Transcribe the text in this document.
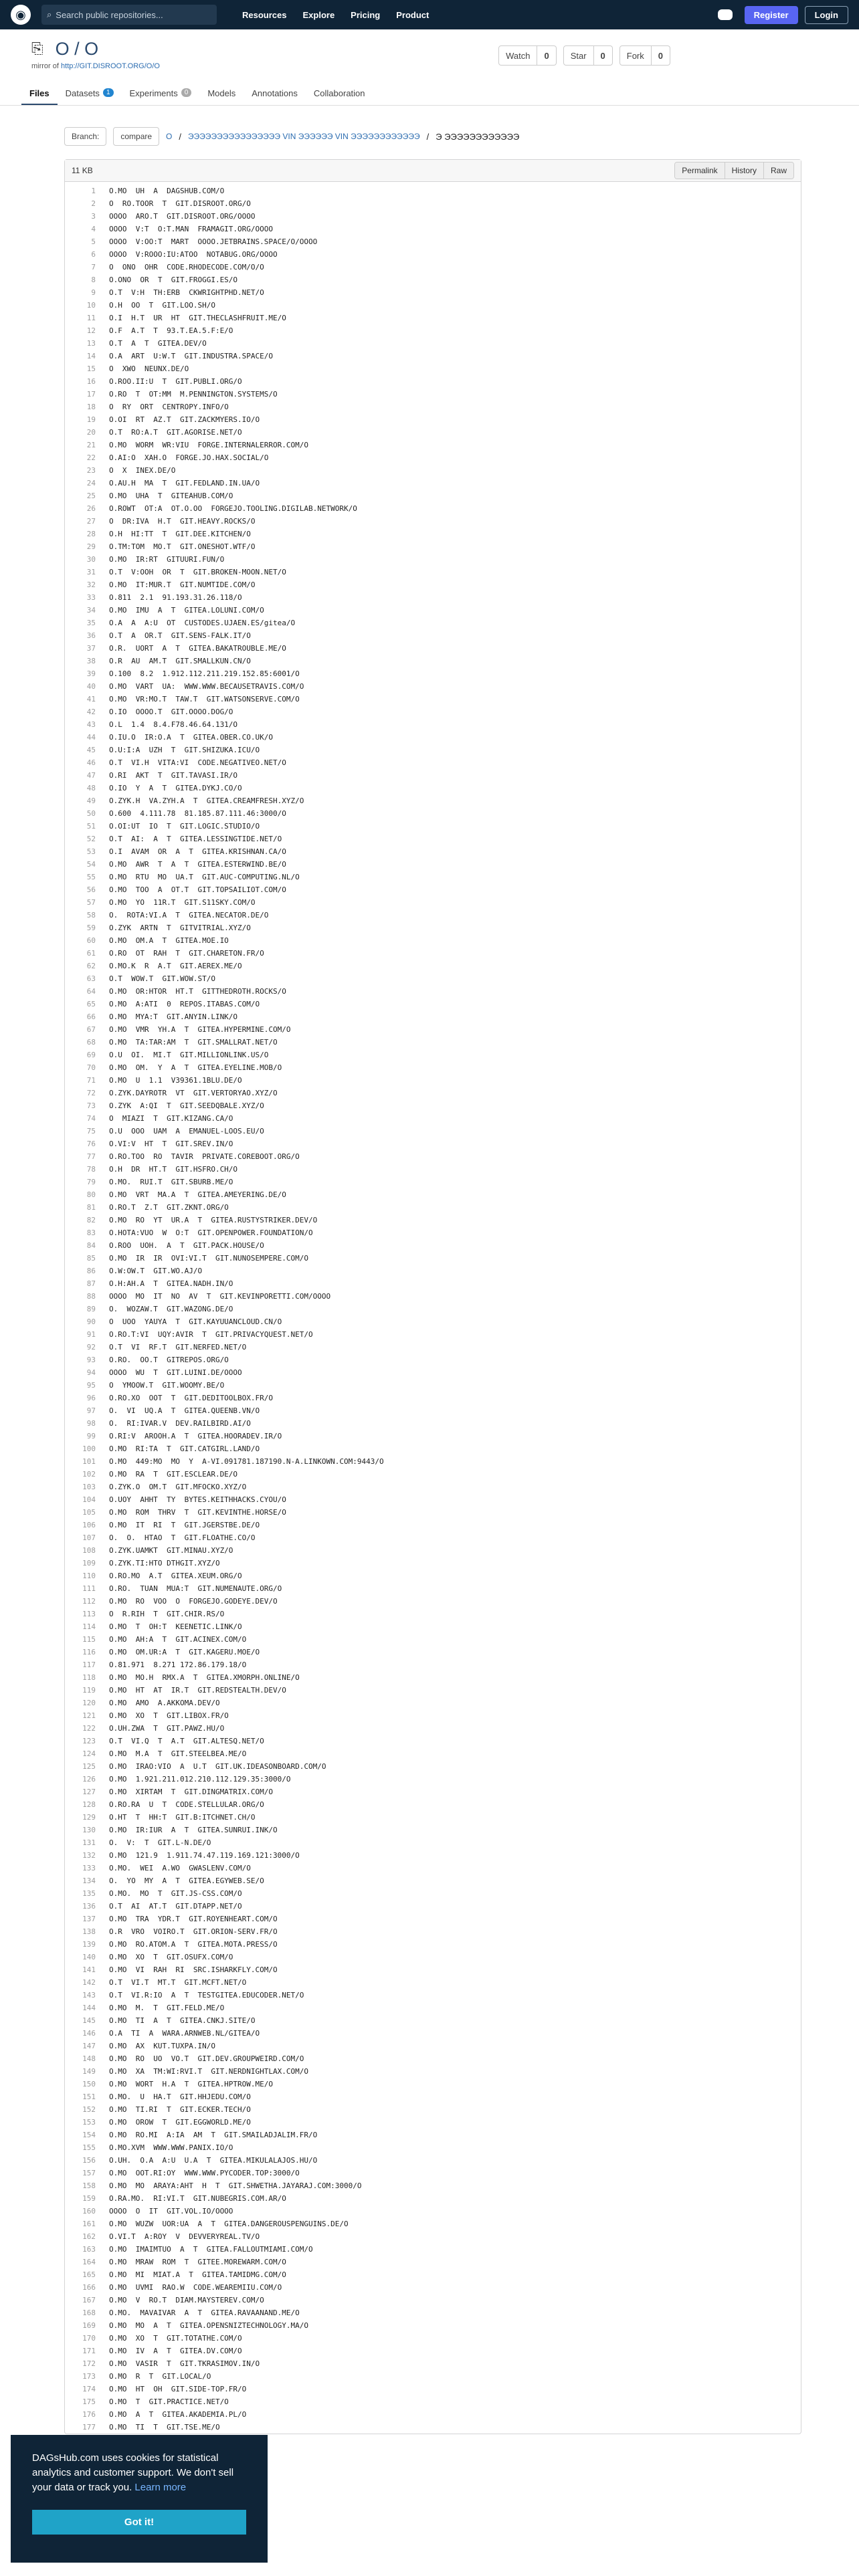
◉	⌕ Search public repositories...	Resources	Explore	Pricing	Product	Register	Login
⎘ O / O
mirror of http://GIT.DISROOT.ORG/O/O
Watch	0	Star	0	Fork	0
Files Datasets	1	Experiments	0	Models Annotations Collaboration
Branch:	compare	O / ЭЭЭЭЭЭЭЭЭЭЭЭЭЭЭЭ VIN ЭЭЭЭЭЭ VIN ЭЭЭЭЭЭЭЭЭЭЭЭ / Э ЭЭЭЭЭЭЭЭЭЭЭЭ
11 KB	Permalink	History	Raw
1	O.MO  UH  A  DAGSHUB.COM/O
2	O  RO.TOOR  T  GIT.DISROOT.ORG/O
3	OOOO  ARO.T  GIT.DISROOT.ORG/OOOO
4	OOOO  V:T  O:T.MAN  FRAMAGIT.ORG/OOOO
5	OOOO  V:OO:T  MART  OOOO.JETBRAINS.SPACE/O/OOOO
6	OOOO  V:ROOO:IU:ATOO  NOTABUG.ORG/OOOO
7	O  ONO  OHR  CODE.RHODECODE.COM/O/O
8	O.ONO  OR  T  GIT.FROGGI.ES/O
9	O.T  V:H  TH:ERB  CKWRIGHTPHD.NET/O
10	O.H  OO  T  GIT.LOO.SH/O
11	O.I  H.T  UR  HT  GIT.THECLASHFRUIT.ME/O
12	O.F  A.T  T  93.T.EA.5.F:E/O
13	O.T  A  T  GITEA.DEV/O
14	O.A  ART  U:W.T  GIT.INDUSTRA.SPACE/O
15	O  XWO  NEUNX.DE/O
16	O.ROO.II:U  T  GIT.PUBLI.ORG/O
17	O.RO  T  OT:MM  M.PENNINGTON.SYSTEMS/O
18	O  RY  ORT  CENTROPY.INFO/O
19	O.OI  RT  AZ.T  GIT.ZACKMYERS.IO/O
20	O.T  RO:A.T  GIT.AGORISE.NET/O
21	O.MO  WORM  WR:VIU  FORGE.INTERNALERROR.COM/O
22	O.AI:O  XAH.O  FORGE.JO.HAX.SOCIAL/O
23	O  X  INEX.DE/O
24	O.AU.H  MA  T  GIT.FEDLAND.IN.UA/O
25	O.MO  UHA  T  GITEAHUB.COM/O
26	O.ROWT  OT:A  OT.O.OO  FORGEJO.TOOLING.DIGILAB.NETWORK/O
27	O  DR:IVA  H.T  GIT.HEAVY.ROCKS/O
28	O.H  HI:TT  T  GIT.DEE.KITCHEN/O
29	O.TM:TOM  MO.T  GIT.ONESHOT.WTF/O
30	O.MO  IR:RT  GITUURI.FUN/O
31	O.T  V:OOH  OR  T  GIT.BROKEN-MOON.NET/O
32	O.MO  IT:MUR.T  GIT.NUMTIDE.COM/O
33	O.811  2.1  91.193.31.26.118/O
34	O.MO  IMU  A  T  GITEA.LOLUNI.COM/O
35	O.A  A  A:U  OT  CUSTODES.UJAEN.ES/gitea/O
36	O.T  A  OR.T  GIT.SENS-FALK.IT/O
37	O.R.  UORT  A  T  GITEA.BAKATROUBLE.ME/O
38	O.R  AU  AM.T  GIT.SMALLKUN.CN/O
39	O.100  8.2  1.912.112.211.219.152.85:6001/O
40	O.MO  VART  UA:  WWW.WWW.BECAUSETRAVIS.COM/O
41	O.MO  VR:MO.T  TAW.T  GIT.WATSONSERVE.COM/O
42	O.IO  OOOO.T  GIT.OOOO.DOG/O
43	O.L  1.4  8.4.F78.46.64.131/O
44	O.IU.O  IR:O.A  T  GITEA.OBER.CO.UK/O
45	O.U:I:A  UZH  T  GIT.SHIZUKA.ICU/O
46	O.T  VI.H  VITA:VI  CODE.NEGATIVEO.NET/O
47	O.RI  AKT  T  GIT.TAVASI.IR/O
48	O.IO  Y  A  T  GITEA.DYKJ.CO/O
49	O.ZYK.H  VA.ZYH.A  T  GITEA.CREAMFRESH.XYZ/O
50	O.600  4.111.78  81.185.87.111.46:3000/O
51	O.OI:UT  IO  T  GIT.LOGIC.STUDIO/O
52	O.T  AI:  A  T  GITEA.LESSINGTIDE.NET/O
53	O.I  AVAM  OR  A  T  GITEA.KRISHNAN.CA/O
54	O.MO  AWR  T  A  T  GITEA.ESTERWIND.BE/O
55	O.MO  RTU  MO  UA.T  GIT.AUC-COMPUTING.NL/O
56	O.MO  TOO  A  OT.T  GIT.TOPSAILIOT.COM/O
57	O.MO  YO  11R.T  GIT.S11SKY.COM/O
58	O.  ROTA:VI.A  T  GITEA.NECATOR.DE/O
59	O.ZYK  ARTN  T  GITVITRIAL.XYZ/O
60	O.MO  OM.A  T  GITEA.MOE.IO
61	O.RO  OT  RAH  T  GIT.CHARETON.FR/O
62	O.MO.K  R  A.T  GIT.AEREX.ME/O
63	O.T  WOW.T  GIT.WOW.ST/O
64	O.MO  OR:HTOR  HT.T  GITTHEDROTH.ROCKS/O
65	O.MO  A:ATI  0  REPOS.ITABAS.COM/O
66	O.MO  MYA:T  GIT.ANYIN.LINK/O
67	O.MO  VMR  YH.A  T  GITEA.HYPERMINE.COM/O
68	O.MO  TA:TAR:AM  T  GIT.SMALLRAT.NET/O
69	O.U  OI.  MI.T  GIT.MILLIONLINK.US/O
70	O.MO  OM.  Y  A  T  GITEA.EYELINE.MOB/O
71	O.MO  U  1.1  V39361.1BLU.DE/O
72	O.ZYK.DAYROTR  VT  GIT.VERTORYAO.XYZ/O
73	O.ZYK  A:QI  T  GIT.SEEDQBALE.XYZ/O
74	O  MIAZI  T  GIT.KIZANG.CA/O
75	O.U  OOO  UAM  A  EMANUEL-LOOS.EU/O
76	O.VI:V  HT  T  GIT.SREV.IN/O
77	O.RO.TOO  RO  TAVIR  PRIVATE.COREBOOT.ORG/O
78	O.H  DR  HT.T  GIT.HSFRO.CH/O
79	O.MO.  RUI.T  GIT.SBURB.ME/O
80	O.MO  VRT  MA.A  T  GITEA.AMEYERING.DE/O
81	O.RO.T  Z.T  GIT.ZKNT.ORG/O
82	O.MO  RO  YT  UR.A  T  GITEA.RUSTYSTRIKER.DEV/O
83	O.HOTA:VUO  W  O:T  GIT.OPENPOWER.FOUNDATION/O
84	O.ROO  UOH.  A  T  GIT.PACK.HOUSE/O
85	O.MO  IR  IR  OVI:VI.T  GIT.NUNOSEMPERE.COM/O
86	O.W:OW.T  GIT.WO.AJ/O
87	O.H:AH.A  T  GITEA.NADH.IN/O
88	OOOO  MO  IT  NO  AV  T  GIT.KEVINPORETTI.COM/OOOO
89	O.  WOZAW.T  GIT.WAZONG.DE/O
90	O  UOO  YAUYA  T  GIT.KAYUUANCLOUD.CN/O
91	O.RO.T:VI  UQY:AVIR  T  GIT.PRIVACYQUEST.NET/O
92	O.T  VI  RF.T  GIT.NERFED.NET/O
93	O.RO.  OO.T  GITREPOS.ORG/O
94	OOOO  WU  T  GIT.LUINI.DE/OOOO
95	O  YMOOW.T  GIT.WOOMY.BE/O
96	O.RO.XO  OOT  T  GIT.DEDITOOLBOX.FR/O
97	O.  VI  UQ.A  T  GITEA.QUEENB.VN/O
98	O.  RI:IVAR.V  DEV.RAILBIRD.AI/O
99	O.RI:V  AROOH.A  T  GITEA.HOORADEV.IR/O
100	O.MO  RI:TA  T  GIT.CATGIRL.LAND/O
101	O.MO  449:MO  MO  Y  A-VI.091781.187190.N-A.LINKOWN.COM:9443/O
102	O.MO  RA  T  GIT.ESCLEAR.DE/O
103	O.ZYK.O  OM.T  GIT.MFOCKO.XYZ/O
104	O.UOY  AHHT  TY  BYTES.KEITHHACKS.CYOU/O
105	O.MO  ROM  THRV  T  GIT.KEVINTHE.HORSE/O
106	O.MO  IT  RI  T  GIT.JGERSTBE.DE/O
107	O.  O.  HTAO  T  GIT.FLOATHE.CO/O
108	O.ZYK.UAMKT  GIT.MINAU.XYZ/O
109	O.ZYK.TI:HTO DTHGIT.XYZ/O
110	O.RO.MO  A.T  GITEA.XEUM.ORG/O
111	O.RO.  TUAN  MUA:T  GIT.NUMENAUTE.ORG/O
112	O.MO  RO  VOO  O  FORGEJO.GODEYE.DEV/O
113	O  R.RIH  T  GIT.CHIR.RS/O
114	O.MO  T  OH:T  KEENETIC.LINK/O
115	O.MO  AH:A  T  GIT.ACINEX.COM/O
116	O.MO  OM.UR:A  T  GIT.KAGERU.MOE/O
117	O.81.971  8.271 172.86.179.18/O
118	O.MO  MO.H  RMX.A  T  GITEA.XMORPH.ONLINE/O
119	O.MO  HT  AT  IR.T  GIT.REDSTEALTH.DEV/O
120	O.MO  AMO  A.AKKOMA.DEV/O
121	O.MO  XO  T  GIT.LIBOX.FR/O
122	O.UH.ZWA  T  GIT.PAWZ.HU/O
123	O.T  VI.Q  T  A.T  GIT.ALTESQ.NET/O
124	O.MO  M.A  T  GIT.STEELBEA.ME/O
125	O.MO  IRAO:VIO  A  U.T  GIT.UK.IDEASONBOARD.COM/O
126	O.MO  1.921.211.012.210.112.129.35:3000/O
127	O.MO  XIRTAM  T  GIT.DINGMATRIX.COM/O
128	O.RO.RA  U  T  CODE.STELLULAR.ORG/O
129	O.HT  T  HH:T  GIT.B:ITCHNET.CH/O
130	O.MO  IR:IUR  A  T  GITEA.SUNRUI.INK/O
131	O.  V:  T  GIT.L-N.DE/O
132	O.MO  121.9  1.911.74.47.119.169.121:3000/O
133	O.MO.  WEI  A.WO  GWASLENV.COM/O
134	O.  YO  MY  A  T  GITEA.EGYWEB.SE/O
135	O.MO.  MO  T  GIT.JS-CSS.COM/O
136	O.T  AI  AT.T  GIT.DTAPP.NET/O
137	O.MO  TRA  YDR.T  GIT.ROYENHEART.COM/O
138	O.R  VRO  VOIRO.T  GIT.ORION-SERV.FR/O
139	O.MO  RO.ATOM.A  T  GITEA.MOTA.PRESS/O
140	O.MO  XO  T  GIT.OSUFX.COM/O
141	O.MO  VI  RAH  RI  SRC.ISHARKFLY.COM/O
142	O.T  VI.T  MT.T  GIT.MCFT.NET/O
143	O.T  VI.R:IO  A  T  TESTGITEA.EDUCODER.NET/O
144	O.MO  M.  T  GIT.FELD.ME/O
145	O.MO  TI  A  T  GITEA.CNKJ.SITE/O
146	O.A  TI  A  WARA.ARNWEB.NL/GITEA/O
147	O.MO  AX  KUT.TUXPA.IN/O
148	O.MO  RO  UO  VO.T  GIT.DEV.GROUPWEIRD.COM/O
149	O.MO  XA  TM:WI:RVI.T  GIT.NERDNIGHTLAX.COM/O
150	O.MO  WORT  H.A  T  GITEA.HPTROW.ME/O
151	O.MO.  U  HA.T  GIT.HHJEDU.COM/O
152	O.MO  TI.RI  T  GIT.ECKER.TECH/O
153	O.MO  OROW  T  GIT.EGGWORLD.ME/O
154	O.MO  RO.MI  A:IA  AM  T  GIT.SMAILADJALIM.FR/O
155	O.MO.XVM  WWW.WWW.PANIX.IO/O
156	O.UH.  O.A  A:U  U.A  T  GITEA.MIKULALAJOS.HU/O
157	O.MO  OOT.RI:OY  WWW.WWW.PYCODER.TOP:3000/O
158	O.MO  MO  ARAYA:AHT  H  T  GIT.SHWETHA.JAYARAJ.COM:3000/O
159	O.RA.MO.  RI:VI.T  GIT.NUBEGRIS.COM.AR/O
160	OOOO  O  IT  GIT.VOL.IO/OOOO
161	O.MO  WUZW  UOR:UA  A  T  GITEA.DANGEROUSPENGUINS.DE/O
162	O.VI.T  A:ROY  V  DEVVERYREAL.TV/O
163	O.MO  IMAIMTUO  A  T  GITEA.FALLOUTMIAMI.COM/O
164	O.MO  MRAW  ROM  T  GITEE.MOREWARM.COM/O
165	O.MO  MI  MIAT.A  T  GITEA.TAMIDMG.COM/O
166	O.MO  UVMI  RAO.W  CODE.WEAREMIIU.COM/O
167	O.MO  V  RO.T  DIAM.MAYSTEREV.COM/O
168	O.MO.  MAVAIVAR  A  T  GITEA.RAVAANAND.ME/O
169	O.MO  MO  A  T  GITEA.OPENSNIZTECHNOLOGY.MA/O
170	O.MO  XO  T  GIT.TOTATHE.COM/O
171	O.MO  IV  A  T  GITEA.DV.COM/O
172	O.MO  VASIR  T  GIT.TKRASIMOV.IN/O
173	O.MO  R  T  GIT.LOCAL/O
174	O.MO  HT  OH  GIT.SIDE-TOP.FR/O
175	O.MO  T  GIT.PRACTICE.NET/O
176	O.MO  A  T  GITEA.AKADEMIA.PL/O
177	O.MO  TI  T  GIT.TSE.ME/O

DAGsHub.com uses cookies for statistical analytics and customer support. We don't sell your data or track you. Learn more

Got it!
